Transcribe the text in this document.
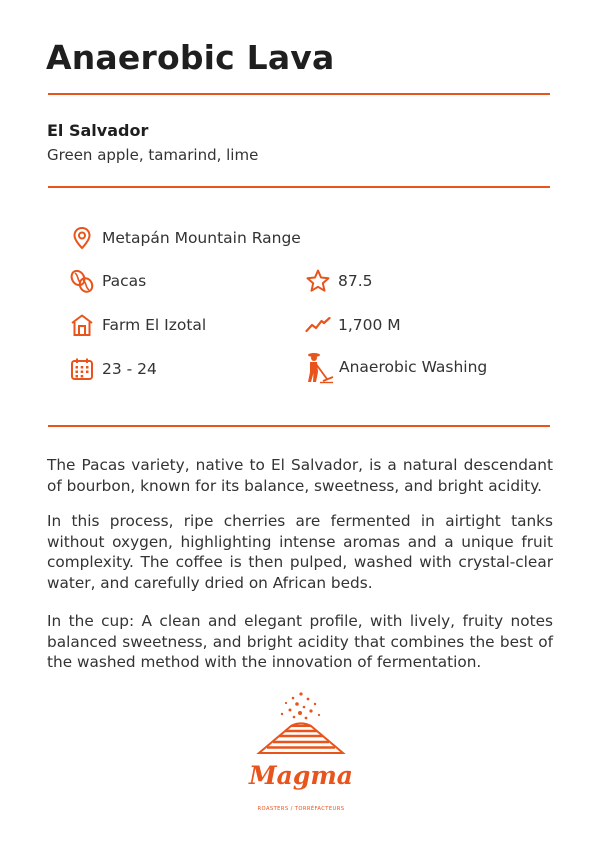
Anaerobic Lava
El Salvador
Green apple, tamarind, lime
Metapán Mountain Range
Pacas	87.5
Farm El Izotal	1,700 M
23 - 24	Anaerobic Washing

The Pacas variety, native to El Salvador, is a natural descendant of bourbon, known for its balance, sweetness, and bright acidity.

In this process, ripe cherries are fermented in airtight tanks without oxygen, highlighting intense aromas and a unique fruit complexity. The coffee is then pulped, washed with crystal-clear water, and carefully dried on African beds.

In the cup: A clean and elegant profile, with lively, fruity notes balanced sweetness, and bright acidity that combines the best of the washed method with the innovation of fermentation.

Magma
ROASTERS / TORRÉFACTEURS
